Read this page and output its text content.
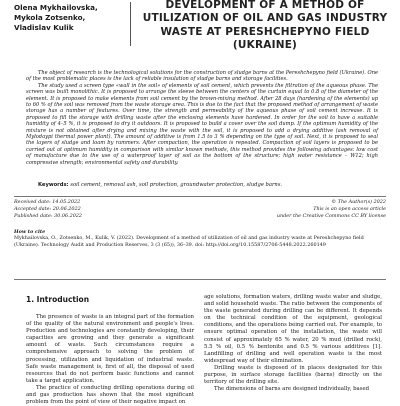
Olena Mykhailovska,
Mykola Zotsenko,
Vladislav Kulik
DEVELOPMENT OF A METHOD OF UTILIZATION OF OIL AND GAS INDUSTRY WASTE AT PERESHCHEPYNO FIELD (UKRAINE)

The object of research is the technological solutions for the construction of sludge barns at the Pereshchepyno field (Ukraine). One of the most problematic places is the lack of reliable insulation of sludge barns and storage facilities.

The study used a screen type «wall in the soil» of elements of soil cement, which prevents the filtration of the aqueous phase. The screen was built monolithic. It is proposed to arrange the sleeve between the centers of the curtain equal to 0.8 of the diameter of the element. It is proposed to make elements from soil cement by the brown-mixing method. After 28 days (hardening of the elements) up to 60 % of the soil was removed from the waste storage area. This is due to the fact that the proposed method of arrangement of waste storage has a number of features. Over time, the strength and permeability of the aqueous phase of soil cement increase. It is proposed to fill the storage with drilling waste after the enclosing elements have hardened. In order for the soil to have a suitable humidity of 4–5 %, it is proposed to dry it outdoors. It is proposed to build a cover over the soil dump. If the optimum humidity of the mixture is not obtained after drying and mixing the waste with the soil, it is proposed to add a drying additive (ash removal of Myłodaypi thermal power plant). The amount of additive is from 1.5 to 3 % depending on the type of soil. Next, it is proposed to seal the layers of sludge and loam by rammers. After compaction, the operation is repeated. Compaction of soil layers is proposed to be carried out at optimum humidity in comparison with similar known methods, this method provides the following advantages: low cost of manufacture due to the use of a waterproof layer of soil as the bottom of the structure; high water resistance – W12; high compressive strength; environmental safety and durability.

Keywords: soil cement, removal ash, soil protection, groundwater protection, sludge barns.
Received date: 14.05.2022
Accepted date: 20.06.2022
Published date: 30.06.2022
© The Author(s) 2022
This is an open access article
under the Creative Commons CC BY license
How to cite
Mykhailovska, O., Zotsenko, M., Kulik, V. (2022). Development of a method of utilization of oil and gas industry waste at Pereshchepyno field (Ukraine). Technology Audit and Production Reserves, 3 (3 (65)), 36–39. doi: http://doi.org/10.15587/2706-5448.2022.260149
1. Introduction

The presence of waste is an integral part of the formation of the quality of the natural environment and people's lives. Production and technologies are constantly developing, their capacities are growing and they generate a significant amount of waste. Such circumstances require a comprehensive approach to solving the problem of processing, utilization and liquidation of industrial waste. Safe waste management is, first of all, the disposal of used resources that do not perform basic functions and cannot take a target application.

The practice of conducting drilling operations during oil and gas production has shown that the most significant problem from the point of view of their negative impact on

age solutions, formation waters, drilling waste water and sludge, and solid household waste. The ratio between the components of the waste generated during drilling can be different. It depends on the technical condition of the equipment, geological conditions, and the operations being carried out. For example, to ensure optimal operation of the installation, the waste will consist of approximately 65 % water, 20 % mud (drilled rock), 5.5 % oil, 0.5 % bentonite and 0.5 % various additives [1]. Landfilling of drilling and well operation waste is the most widespread way of their elimination.

Drilling waste is disposed of in places designated for this purpose, in surface storage facilities (barns) directly on the territory of the drilling site.

The dimensions of barns are designed individually, based
